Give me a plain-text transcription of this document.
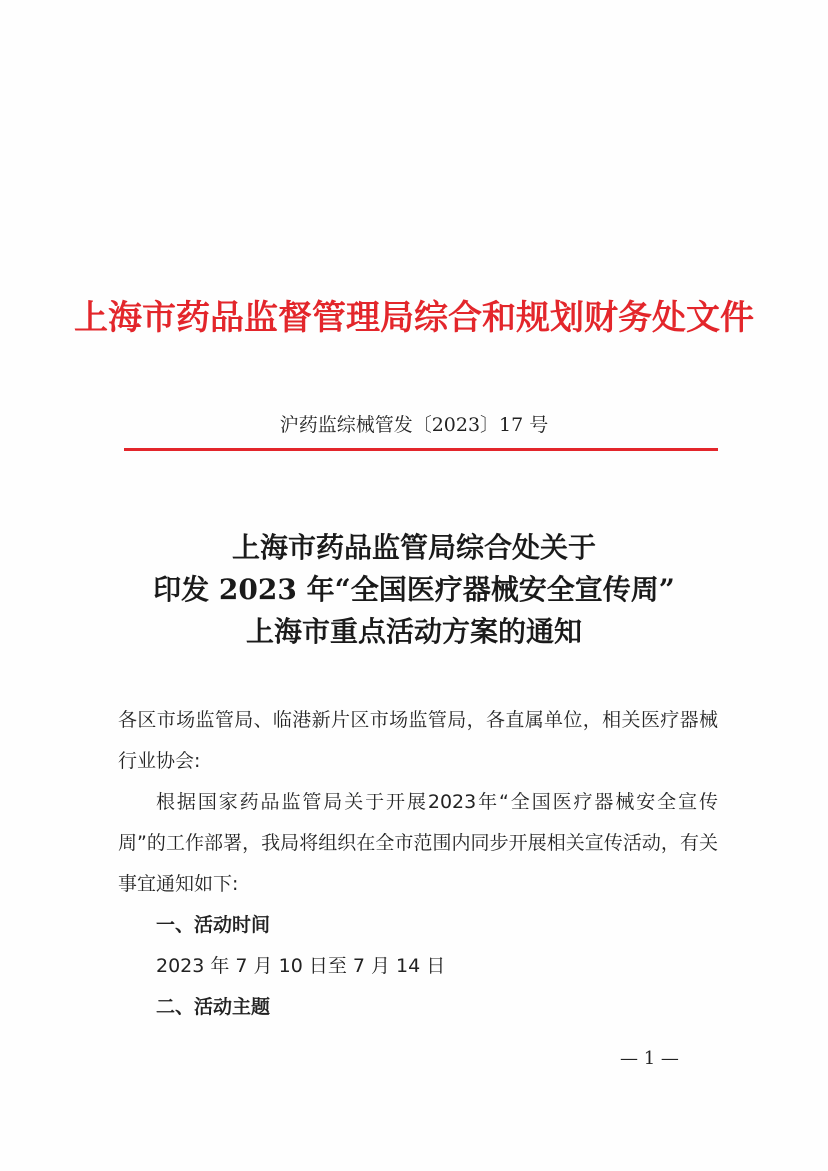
上海市药品监督管理局综合和规划财务处文件
沪药监综械管发〔2023〕17 号
上海市药品监管局综合处关于
印发 2023 年“全国医疗器械安全宣传周”
上海市重点活动方案的通知

各区市场监管局、临港新片区市场监管局，各直属单位，相关医疗器械行业协会:

根据国家药品监管局关于开展2023年“全国医疗器械安全宣传周”的工作部署，我局将组织在全市范围内同步开展相关宣传活动，有关事宜通知如下:

一、活动时间

2023 年 7 月 10 日至 7 月 14 日

二、活动主题

— 1 —
